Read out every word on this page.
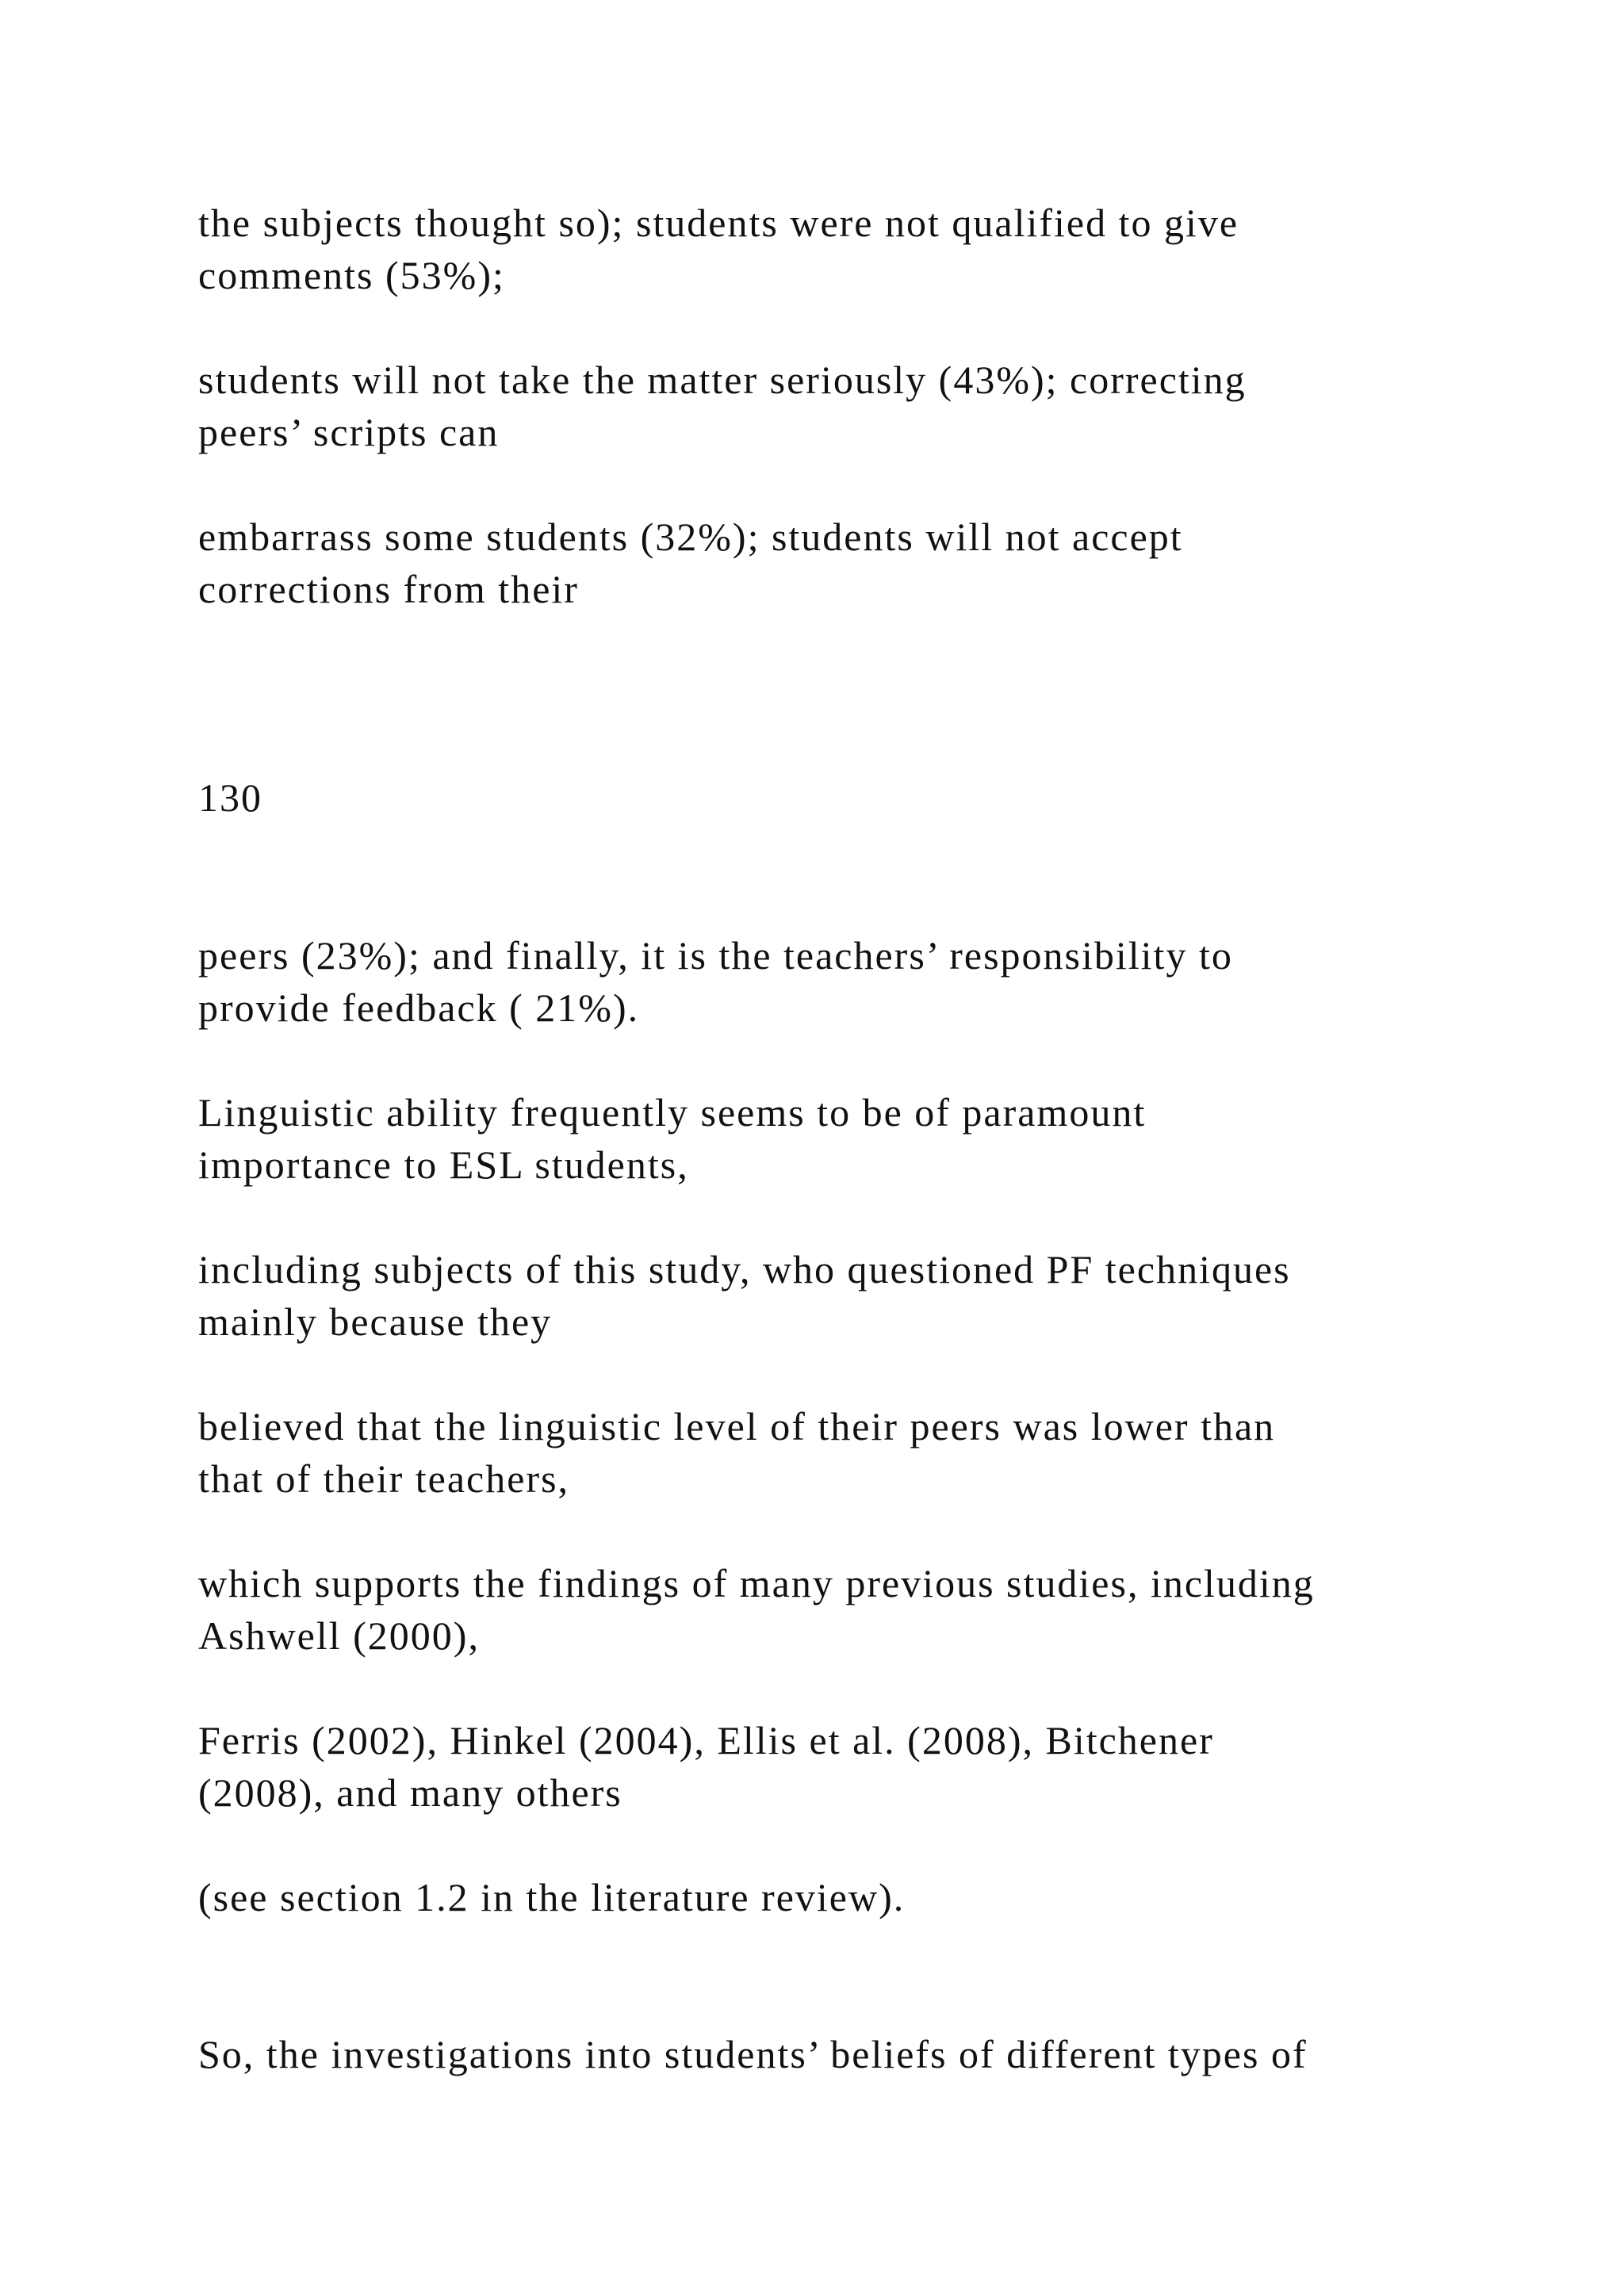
the subjects thought so); students were not qualified to give
comments (53%);

students will not take the matter seriously (43%); correcting
peers’ scripts can

embarrass some students (32%); students will not accept
corrections from their

130

peers (23%); and finally, it is the teachers’ responsibility to
provide feedback ( 21%).

Linguistic ability frequently seems to be of paramount
importance to ESL students,

including subjects of this study, who questioned PF techniques
mainly because they

believed that the linguistic level of their peers was lower than
that of their teachers,

which supports the findings of many previous studies, including
Ashwell (2000),

Ferris (2002), Hinkel (2004), Ellis et al. (2008), Bitchener
(2008), and many others

(see section 1.2 in the literature review).

So, the investigations into students’ beliefs of different types of
